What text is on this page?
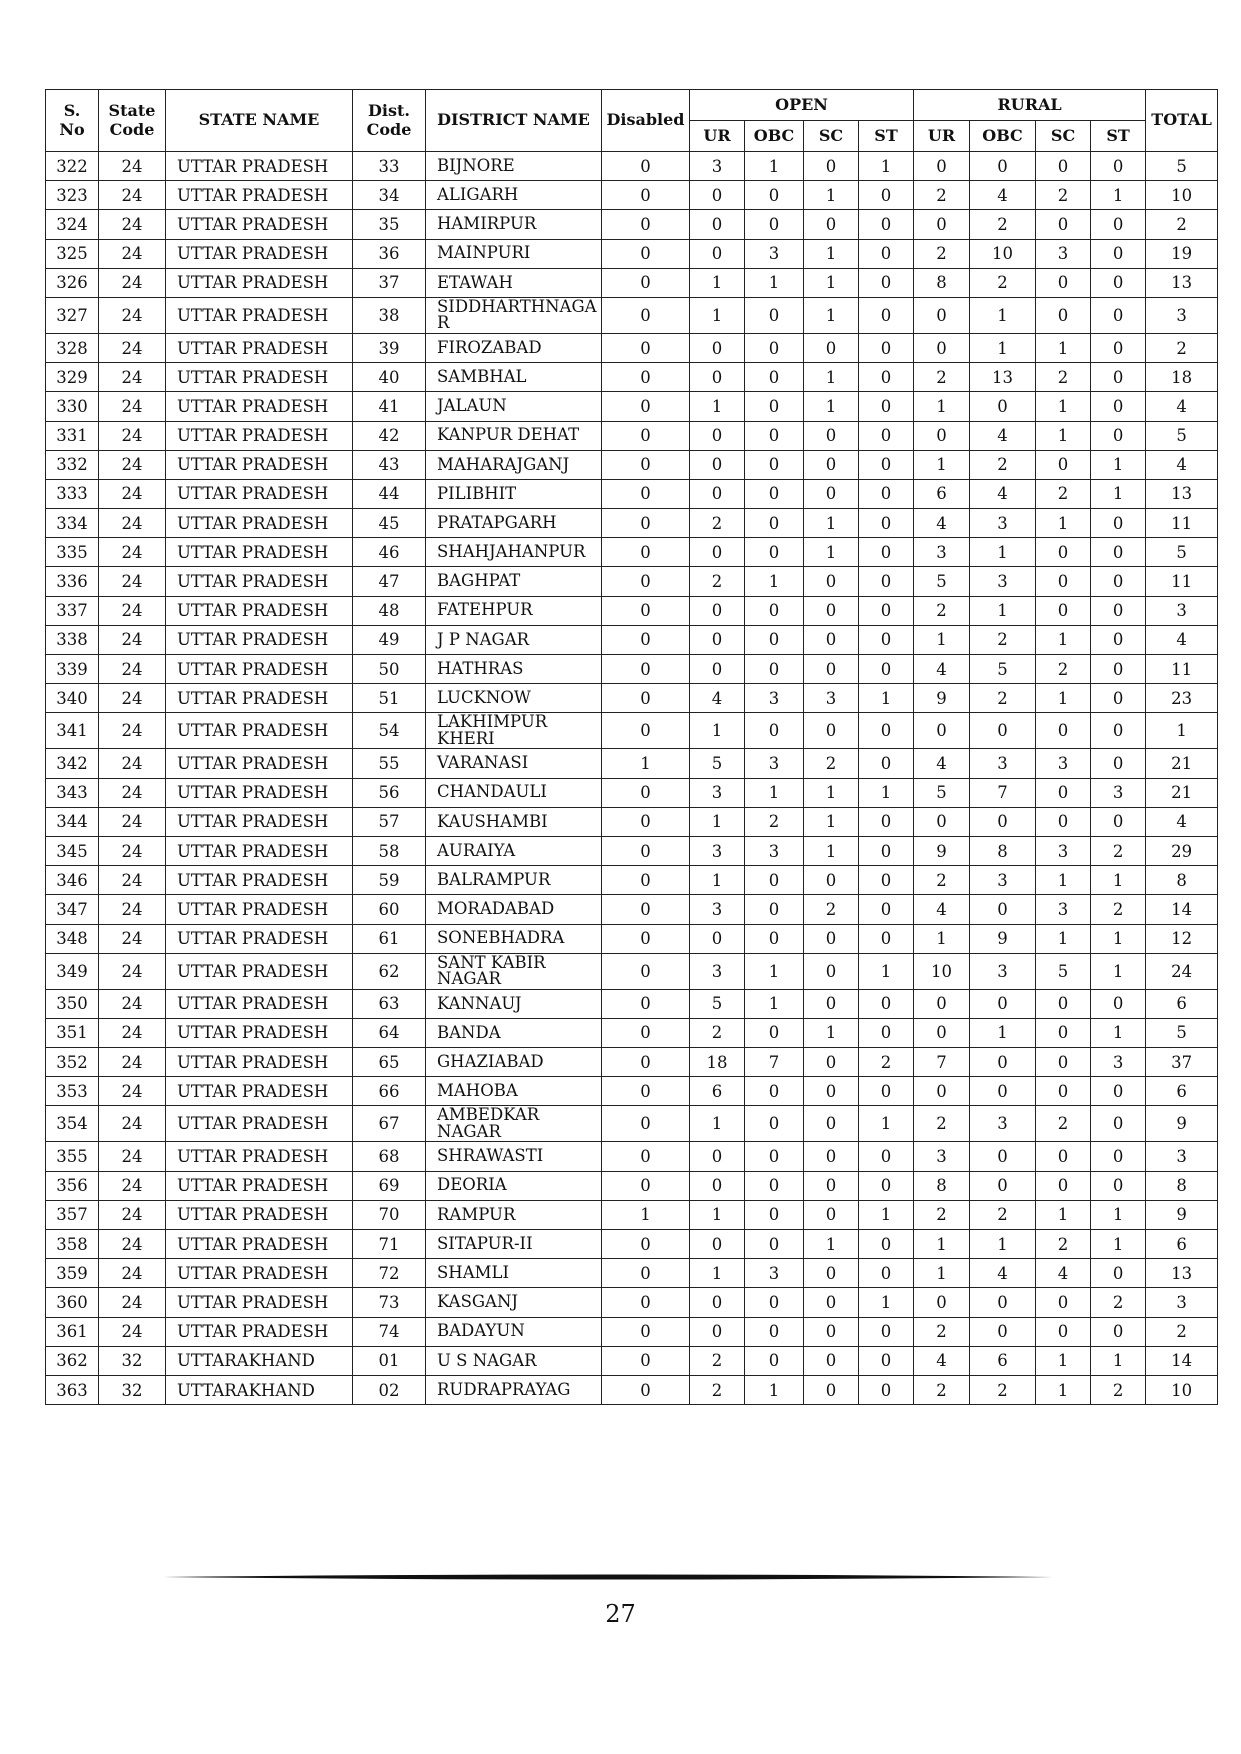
S. No	State Code	STATE NAME	Dist. Code	DISTRICT NAME	Disabled	OPEN				RURAL				TOTAL
						UR	OBC	SC	ST	UR	OBC	SC	ST	
322	24	UTTAR PRADESH	33	BIJNORE	0	3	1	0	1	0	0	0	0	5
323	24	UTTAR PRADESH	34	ALIGARH	0	0	0	1	0	2	4	2	1	10
324	24	UTTAR PRADESH	35	HAMIRPUR	0	0	0	0	0	0	2	0	0	2
325	24	UTTAR PRADESH	36	MAINPURI	0	0	3	1	0	2	10	3	0	19
326	24	UTTAR PRADESH	37	ETAWAH	0	1	1	1	0	8	2	0	0	13
327	24	UTTAR PRADESH	38	SIDDHARTHNAGA R	0	1	0	1	0	0	1	0	0	3
328	24	UTTAR PRADESH	39	FIROZABAD	0	0	0	0	0	0	1	1	0	2
329	24	UTTAR PRADESH	40	SAMBHAL	0	0	0	1	0	2	13	2	0	18
330	24	UTTAR PRADESH	41	JALAUN	0	1	0	1	0	1	0	1	0	4
331	24	UTTAR PRADESH	42	KANPUR DEHAT	0	0	0	0	0	0	4	1	0	5
332	24	UTTAR PRADESH	43	MAHARAJGANJ	0	0	0	0	0	1	2	0	1	4
333	24	UTTAR PRADESH	44	PILIBHIT	0	0	0	0	0	6	4	2	1	13
334	24	UTTAR PRADESH	45	PRATAPGARH	0	2	0	1	0	4	3	1	0	11
335	24	UTTAR PRADESH	46	SHAHJAHANPUR	0	0	0	1	0	3	1	0	0	5
336	24	UTTAR PRADESH	47	BAGHPAT	0	2	1	0	0	5	3	0	0	11
337	24	UTTAR PRADESH	48	FATEHPUR	0	0	0	0	0	2	1	0	0	3
338	24	UTTAR PRADESH	49	J P NAGAR	0	0	0	0	0	1	2	1	0	4
339	24	UTTAR PRADESH	50	HATHRAS	0	0	0	0	0	4	5	2	0	11
340	24	UTTAR PRADESH	51	LUCKNOW	0	4	3	3	1	9	2	1	0	23
341	24	UTTAR PRADESH	54	LAKHIMPUR KHERI	0	1	0	0	0	0	0	0	0	1
342	24	UTTAR PRADESH	55	VARANASI	1	5	3	2	0	4	3	3	0	21
343	24	UTTAR PRADESH	56	CHANDAULI	0	3	1	1	1	5	7	0	3	21
344	24	UTTAR PRADESH	57	KAUSHAMBI	0	1	2	1	0	0	0	0	0	4
345	24	UTTAR PRADESH	58	AURAIYA	0	3	3	1	0	9	8	3	2	29
346	24	UTTAR PRADESH	59	BALRAMPUR	0	1	0	0	0	2	3	1	1	8
347	24	UTTAR PRADESH	60	MORADABAD	0	3	0	2	0	4	0	3	2	14
348	24	UTTAR PRADESH	61	SONEBHADRA	0	0	0	0	0	1	9	1	1	12
349	24	UTTAR PRADESH	62	SANT KABIR NAGAR	0	3	1	0	1	10	3	5	1	24
350	24	UTTAR PRADESH	63	KANNAUJ	0	5	1	0	0	0	0	0	0	6
351	24	UTTAR PRADESH	64	BANDA	0	2	0	1	0	0	1	0	1	5
352	24	UTTAR PRADESH	65	GHAZIABAD	0	18	7	0	2	7	0	0	3	37
353	24	UTTAR PRADESH	66	MAHOBA	0	6	0	0	0	0	0	0	0	6
354	24	UTTAR PRADESH	67	AMBEDKAR NAGAR	0	1	0	0	1	2	3	2	0	9
355	24	UTTAR PRADESH	68	SHRAWASTI	0	0	0	0	0	3	0	0	0	3
356	24	UTTAR PRADESH	69	DEORIA	0	0	0	0	0	8	0	0	0	8
357	24	UTTAR PRADESH	70	RAMPUR	1	1	0	0	1	2	2	1	1	9
358	24	UTTAR PRADESH	71	SITAPUR-II	0	0	0	1	0	1	1	2	1	6
359	24	UTTAR PRADESH	72	SHAMLI	0	1	3	0	0	1	4	4	0	13
360	24	UTTAR PRADESH	73	KASGANJ	0	0	0	0	1	0	0	0	2	3
361	24	UTTAR PRADESH	74	BADAYUN	0	0	0	0	0	2	0	0	0	2
362	32	UTTARAKHAND	01	U S NAGAR	0	2	0	0	0	4	6	1	1	14
363	32	UTTARAKHAND	02	RUDRAPRAYAG	0	2	1	0	0	2	2	1	2	10
27
